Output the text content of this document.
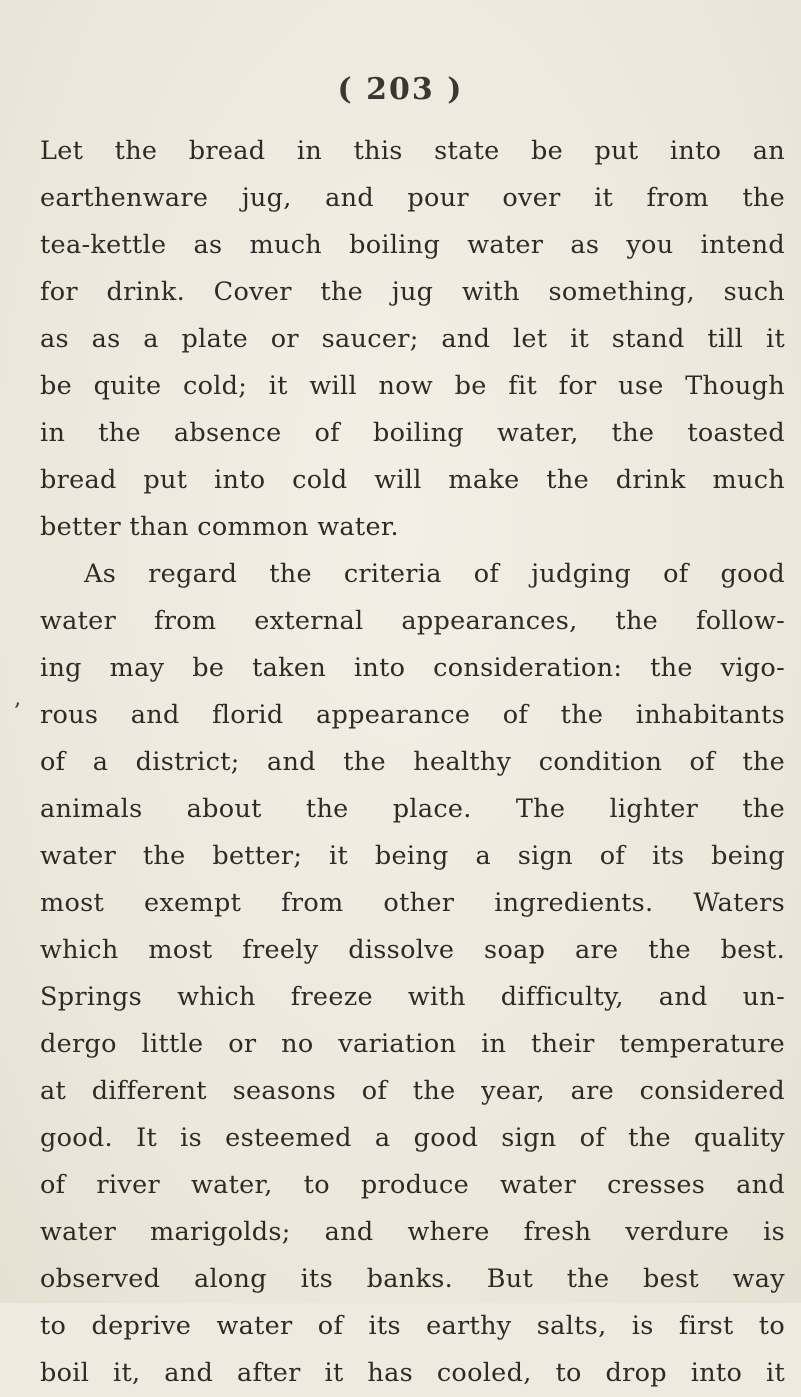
( 203 )
‚
Let the bread in this state be put into an
earthenware jug, and pour over it from the
tea-kettle as much boiling water as you intend
for drink. Cover the jug with something, such
as as a plate or saucer; and let it stand till it
be quite cold; it will now be fit for use Though
in the absence of boiling water, the toasted
bread put into cold will make the drink much
better than common water.
As regard the criteria of judging of good
water from external appearances, the follow-
ing may be taken into consideration: the vigo-
rous and florid appearance of the inhabitants
of a district; and the healthy condition of the
animals about the place. The lighter the
water the better; it being a sign of its being
most exempt from other ingredients. Waters
which most freely dissolve soap are the best.
Springs which freeze with difficulty, and un-
dergo little or no variation in their temperature
at different seasons of the year, are considered
good. It is esteemed a good sign of the quality
of river water, to produce water cresses and
water marigolds; and where fresh verdure is
observed along its banks. But the best way
to deprive water of its earthy salts, is first to
boil it, and after it has cooled, to drop into it
